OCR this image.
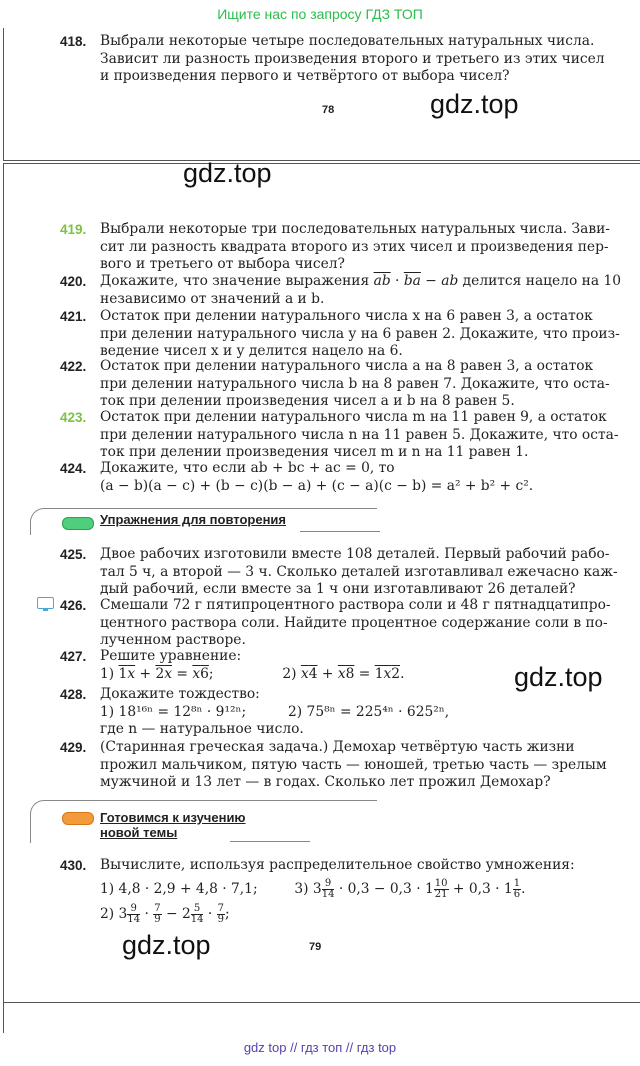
Ищите нас по запросу ГДЗ ТОП
418. Выбрали некоторые четыре последовательных натуральных числа.
Зависит ли разность произведения второго и третьего из этих чисел
и произведения первого и четвёртого от выбора чисел?
78	gdz.top
gdz.top
419. Выбрали некоторые три последовательных натуральных числа. Зави-
сит ли разность квадрата второго из этих чисел и произведения пер-
вого и третьего от выбора чисел?
420. Докажите, что значение выражения $\overline{ab} \cdot \overline{ba}$ − ab делится нацело на 10
независимо от значений a и b.
421. Остаток при делении натурального числа x на 6 равен 3, а остаток
при делении натурального числа y на 6 равен 2. Докажите, что произ-
ведение чисел x и y делится нацело на 6.
422. Остаток при делении натурального числа a на 8 равен 3, а остаток
при делении натурального числа b на 8 равен 7. Докажите, что оста-
ток при делении произведения чисел a и b на 8 равен 5.
423. Остаток при делении натурального числа m на 11 равен 9, а остаток
при делении натурального числа n на 11 равен 5. Докажите, что оста-
ток при делении произведения чисел m и n на 11 равен 1.
424. Докажите, что если ab + bc + ac = 0, то
(a − b)(a − c) + (b − c)(b − a) + (c − a)(c − b) = a² + b² + c².
Упражнения для повторения
425. Двое рабочих изготовили вместе 108 деталей. Первый рабочий рабо-
тал 5 ч, а второй — 3 ч. Сколько деталей изготавливал ежечасно каж-
дый рабочий, если вместе за 1 ч они изготавливают 26 деталей?
426. Смешали 72 г пятипроцентного раствора соли и 48 г пятнадцатипро-
центного раствора соли. Найдите процентное содержание соли в по-
лученном растворе.
427. Решите уравнение:
1) 1x + 2x = x6;	2) x4 + x8 = 1x2.	gdz.top
428. Докажите тождество:
1) 18¹⁶ⁿ = 12⁸ⁿ · 9¹²ⁿ;	2) 75⁸ⁿ = 225⁴ⁿ · 625²ⁿ,
где n — натуральное число.
429. (Старинная греческая задача.) Демохар четвёртую часть жизни
прожил мальчиком, пятую часть — юношей, третью часть — зрелым
мужчиной и 13 лет — в годах. Сколько лет прожил Демохар?
Готовимся к изучению
новой темы
430. Вычислите, используя распределительное свойство умножения:
1) 4,8 · 2,9 + 4,8 · 7,1;	3) $3 \frac{9}{14} \cdot 0,3 - 0,3 \cdot 1 \frac{10}{21} + 0,3 \cdot 1 \frac{1}{6}$ .
2) $3 \frac{9}{14} \cdot \frac{7}{9} - 2 \frac{5}{14} \cdot \frac{7}{9}$ ;
gdz.top	79
gdz top // гдз топ // гдз top
